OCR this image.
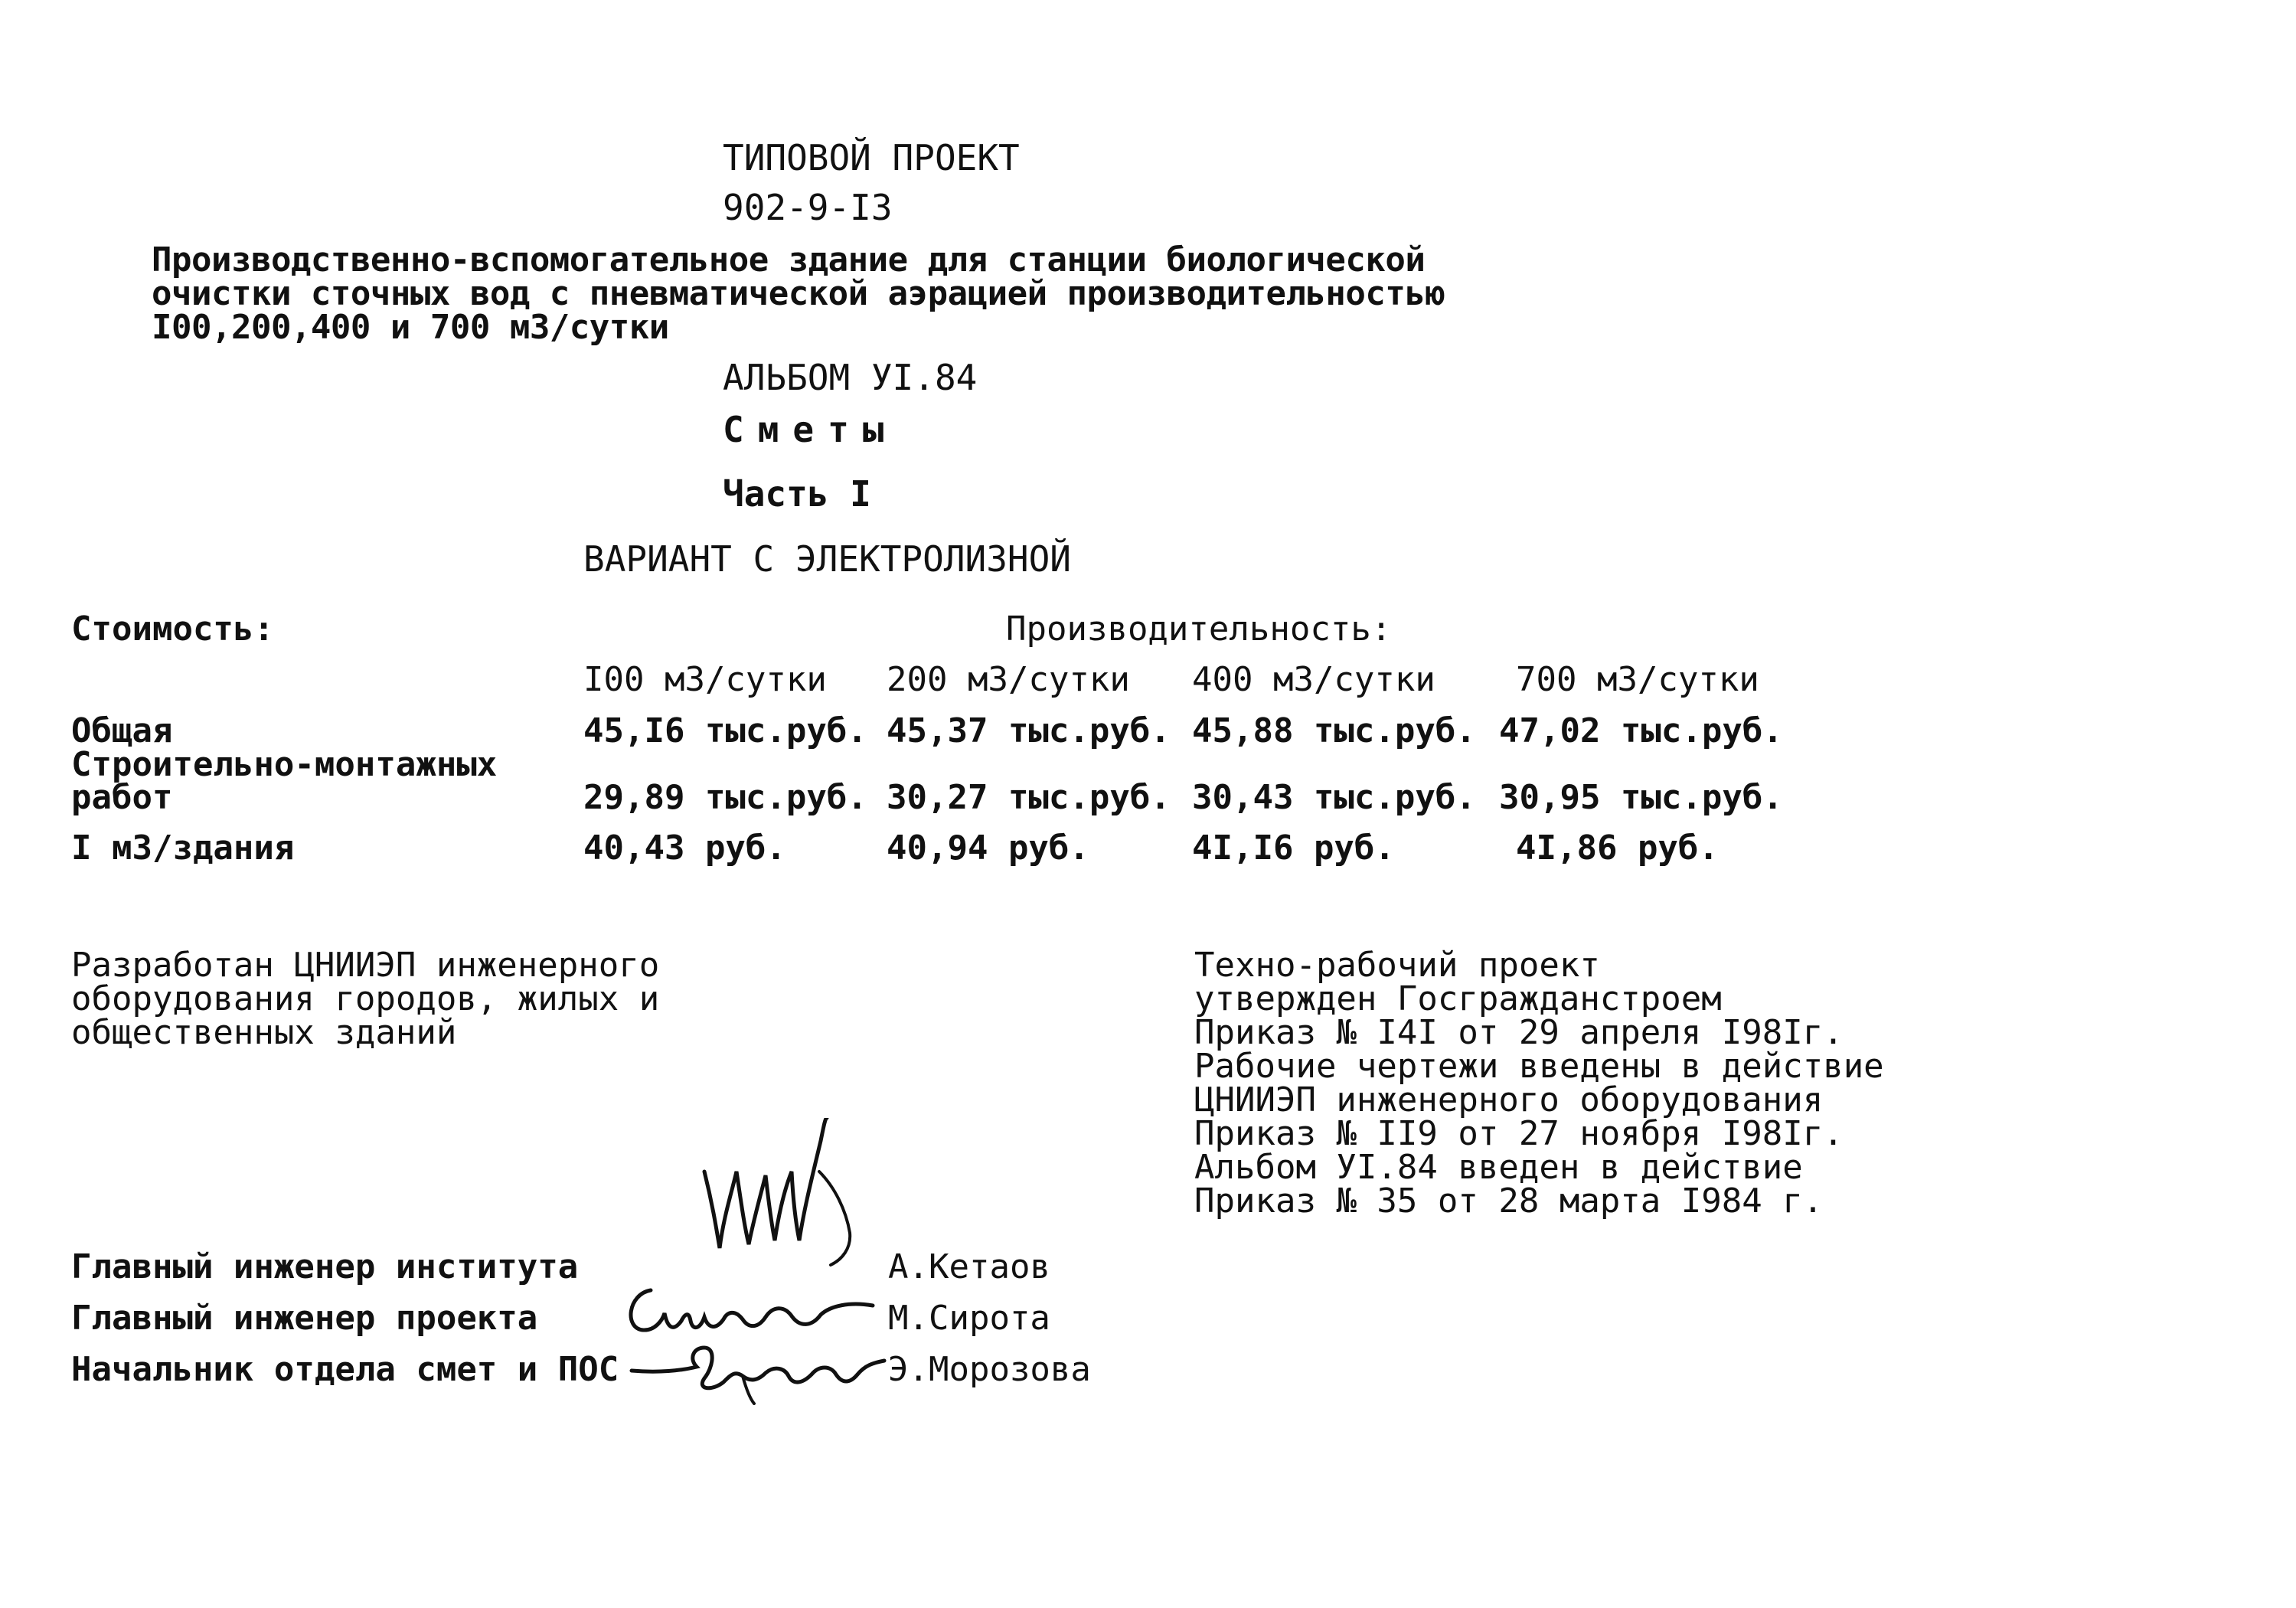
ТИПОВОЙ ПРОЕКТ
902-9-I3
Производственно-вспомогательное здание для станции биологической
очистки сточных вод с пневматической аэрацией производительностью
I00,200,400 и 700 м3/сутки
АЛЬБОМ УI.84
Сметы
Часть I
ВАРИАНТ С ЭЛЕКТРОЛИЗНОЙ
Стоимость:	Производительность:
I00 м3/сутки 200 м3/сутки 400 м3/сутки 700 м3/сутки
Общая	45,I6 тыс.руб. 45,37 тыс.руб. 45,88 тыс.руб. 47,02 тыс.руб.
Строительно-монтажных
работ	29,89 тыс.руб. 30,27 тыс.руб. 30,43 тыс.руб. 30,95 тыс.руб.
I м3/здания	40,43 руб.	40,94 руб.	4I,I6 руб.	4I,86 руб.
Разработан ЦНИИЭП инженерного
оборудования городов, жилых и
общественных зданий
Техно-рабочий проект
утвержден Госгражданстроем
Приказ № I4I от 29 апреля I98Iг.
Рабочие чертежи введены в действие
ЦНИИЭП инженерного оборудования
Приказ № II9 от 27 ноября I98Iг.
Альбом УI.84 введен в действие
Приказ № 35 от 28 марта I984 г.
Главный инженер института	А.Кетаов
Главный инженер проекта	М.Сирота
Начальник отдела смет и ПОС	Э.Морозова
